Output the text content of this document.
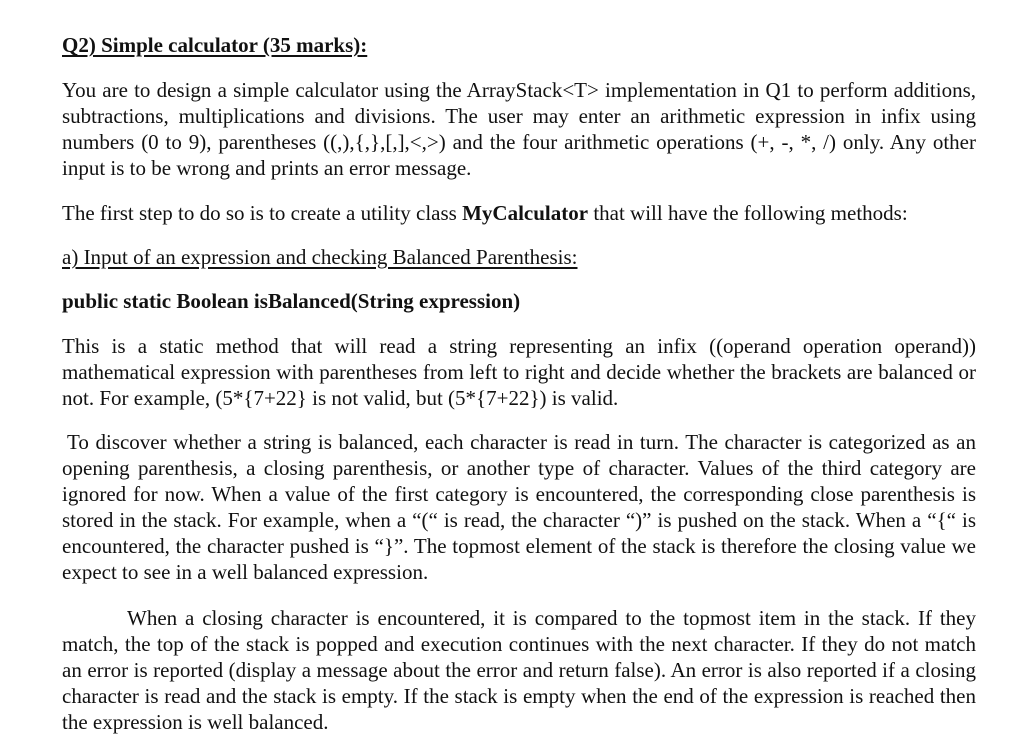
Q2) Simple calculator (35 marks):

You are to design a simple calculator using the ArrayStack<T> implementation in Q1 to perform additions, subtractions, multiplications and divisions. The user may enter an arithmetic expression in infix using numbers (0 to 9), parentheses ((,),{,},[,],<,>) and the four arithmetic operations (+, -, *, /) only. Any other input is to be wrong and prints an error message.

The first step to do so is to create a utility class MyCalculator that will have the following methods:
a) Input of an expression and checking Balanced Parenthesis:
public static Boolean isBalanced(String expression)

This is a static method that will read a string representing an infix ((operand operation operand)) mathematical expression with parentheses from left to right and decide whether the brackets are balanced or not. For example, (5*{7+22} is not valid, but (5*{7+22}) is valid.

To discover whether a string is balanced, each character is read in turn. The character is categorized as an opening parenthesis, a closing parenthesis, or another type of character. Values of the third category are ignored for now. When a value of the first category is encountered, the corresponding close parenthesis is stored in the stack. For example, when a “(“ is read, the character “)” is pushed on the stack. When a “{“ is encountered, the character pushed is “}”. The topmost element of the stack is therefore the closing value we expect to see in a well balanced expression.

When a closing character is encountered, it is compared to the topmost item in the stack. If they match, the top of the stack is popped and execution continues with the next character. If they do not match an error is reported (display a message about the error and return false). An error is also reported if a closing character is read and the stack is empty. If the stack is empty when the end of the expression is reached then the expression is well balanced.
